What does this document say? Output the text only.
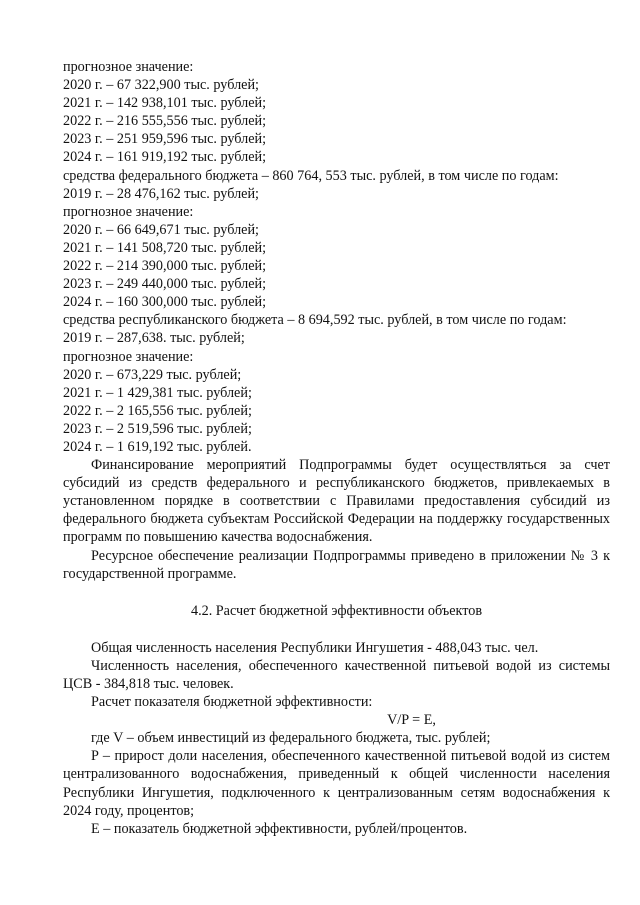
прогнозное значение:

2020 г. – 67 322,900 тыс. рублей;

2021 г. – 142 938,101 тыс. рублей;

2022 г. – 216 555,556 тыс. рублей;

2023 г. – 251 959,596 тыс. рублей;

2024 г. – 161 919,192 тыс. рублей;

средства федерального бюджета – 860 764, 553 тыс. рублей, в том числе по годам:

2019 г. – 28 476,162 тыс. рублей;

прогнозное значение:

2020 г. – 66 649,671 тыс. рублей;

2021 г. – 141 508,720 тыс. рублей;

2022 г. – 214 390,000 тыс. рублей;

2023 г. – 249 440,000 тыс. рублей;

2024 г. – 160 300,000 тыс. рублей;

средства республиканского бюджета – 8 694,592 тыс. рублей, в том числе по годам:

2019 г. – 287,638. тыс. рублей;

прогнозное значение:

2020 г. – 673,229 тыс. рублей;

2021 г. – 1 429,381 тыс. рублей;

2022 г. – 2 165,556 тыс. рублей;

2023 г. – 2 519,596 тыс. рублей;

2024 г. – 1 619,192 тыс. рублей.

Финансирование мероприятий Подпрограммы будет осуществляться за счет субсидий из средств федерального и республиканского бюджетов, привлекаемых в установленном порядке в соответствии с Правилами предоставления субсидий из федерального бюджета субъектам Российской Федерации на поддержку государственных программ по повышению качества водоснабжения.

Ресурсное обеспечение реализации Подпрограммы приведено в приложении № 3 к государственной программе.

4.2. Расчет бюджетной эффективности объектов

Общая численность населения Республики Ингушетия - 488,043 тыс. чел.

Численность населения, обеспеченного качественной питьевой водой из системы ЦСВ - 384,818 тыс. человек.

Расчет показателя бюджетной эффективности:

V/P = E,

где V – объем инвестиций из федерального бюджета, тыс. рублей;

P – прирост доли населения, обеспеченного качественной питьевой водой из систем централизованного водоснабжения, приведенный к общей численности населения Республики Ингушетия, подключенного к централизованным сетям водоснабжения к 2024 году, процентов;

E – показатель бюджетной эффективности, рублей/процентов.
